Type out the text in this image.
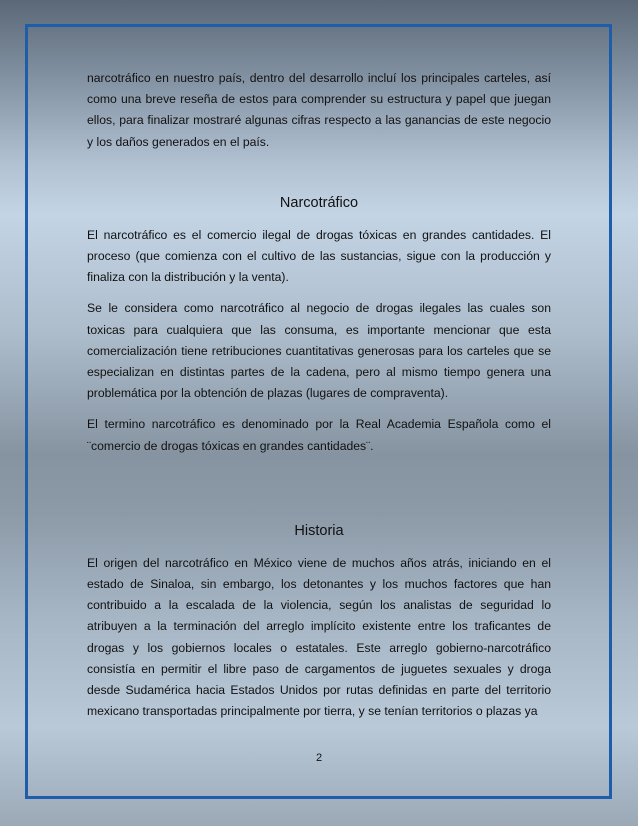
narcotráfico en nuestro país, dentro del desarrollo incluí los principales carteles, así como una breve reseña de estos para comprender su estructura y papel que juegan ellos, para finalizar mostraré algunas cifras respecto a las ganancias de este negocio y los daños generados en el país.

Narcotráfico

El narcotráfico es el comercio ilegal de drogas tóxicas en grandes cantidades. El proceso (que comienza con el cultivo de las sustancias, sigue con la producción y finaliza con la distribución y la venta).

Se le considera como narcotráfico al negocio de drogas ilegales las cuales son toxicas para cualquiera que las consuma, es importante mencionar que esta comercialización tiene retribuciones cuantitativas generosas para los carteles que se especializan en distintas partes de la cadena, pero al mismo tiempo genera una problemática por la obtención de plazas (lugares de compraventa).

El termino narcotráfico es denominado por la Real Academia Española como el ¨comercio de drogas tóxicas en grandes cantidades¨.

Historia

El origen del narcotráfico en México viene de muchos años atrás, iniciando en el estado de Sinaloa, sin embargo, los detonantes y los muchos factores que han contribuido a la escalada de la violencia, según los analistas de seguridad lo atribuyen a la terminación del arreglo implícito existente entre los traficantes de drogas y los gobiernos locales o estatales. Este arreglo gobierno-narcotráfico consistía en permitir el libre paso de cargamentos de juguetes sexuales y droga desde Sudamérica hacia Estados Unidos por rutas definidas en parte del territorio mexicano transportadas principalmente por tierra, y se tenían territorios o plazas ya

2
